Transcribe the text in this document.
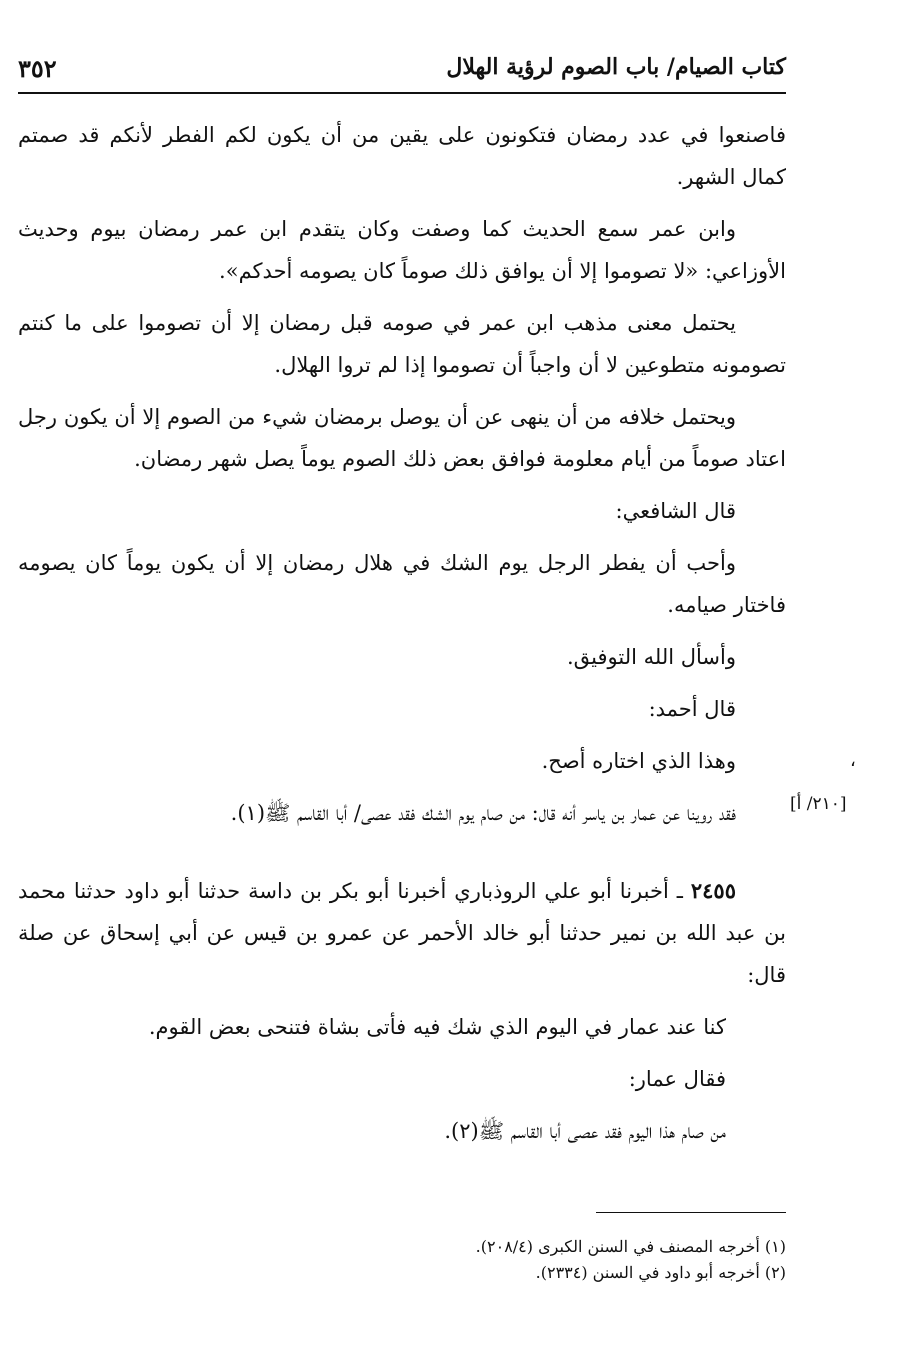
كتاب الصيام/ باب الصوم لرؤية الهلال
٣٥٢

فاصنعوا في عدد رمضان فتكونون على يقين من أن يكون لكم الفطر لأنكم قد صمتم كمال الشهر.

وابن عمر سمع الحديث كما وصفت وكان يتقدم ابن عمر رمضان بيوم وحديث الأوزاعي: «لا تصوموا إلا أن يوافق ذلك صوماً كان يصومه أحدكم».

يحتمل معنى مذهب ابن عمر في صومه قبل رمضان إلا أن تصوموا على ما كنتم تصومونه متطوعين لا أن واجباً أن تصوموا إذا لم تروا الهلال.

ويحتمل خلافه من أن ينهى عن أن يوصل برمضان شيء من الصوم إلا أن يكون رجل اعتاد صوماً من أيام معلومة فوافق بعض ذلك الصوم يوماً يصل شهر رمضان.

قال الشافعي:

وأحب أن يفطر الرجل يوم الشك في هلال رمضان إلا أن يكون يوماً كان يصومه فاختار صيامه.

وأسأل الله التوفيق.

قال أحمد:

وهذا الذي اختاره أصح.

فقد روينا عن عمار بن ياسر أنه قال: من صام يوم الشك فقد عصى/ أبا القاسم ﷺ(١).

٢٤٥٥ ـ أخبرنا أبو علي الروذباري أخبرنا أبو بكر بن داسة حدثنا أبو داود حدثنا محمد بن عبد الله بن نمير حدثنا أبو خالد الأحمر عن عمرو بن قيس عن أبي إسحاق عن صلة قال:

كنا عند عمار في اليوم الذي شك فيه فأتى بشاة فتنحى بعض القوم.

فقال عمار:

من صام هذا اليوم فقد عصى أبا القاسم ﷺ(٢).

،
[٢١٠/ أ]

(١) أخرجه المصنف في السنن الكبرى (٢٠٨/٤).

(٢) أخرجه أبو داود في السنن (٢٣٣٤).
